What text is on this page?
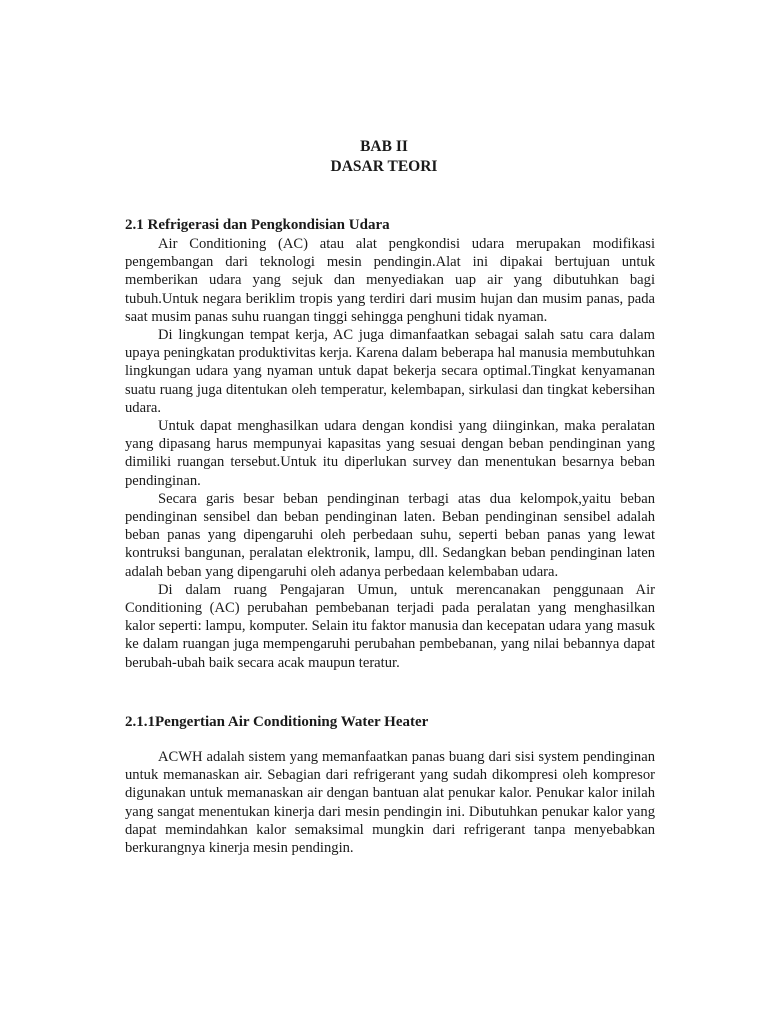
BAB II
DASAR TEORI
2.1 Refrigerasi dan Pengkondisian Udara

Air Conditioning (AC) atau alat pengkondisi udara merupakan modifikasi pengembangan dari teknologi mesin pendingin.Alat ini dipakai bertujuan untuk memberikan udara yang sejuk dan menyediakan uap air yang dibutuhkan bagi tubuh.Untuk negara beriklim tropis yang terdiri dari musim hujan dan musim panas, pada saat musim panas suhu ruangan tinggi sehingga penghuni tidak nyaman.

Di lingkungan tempat kerja, AC juga dimanfaatkan sebagai salah satu cara dalam upaya peningkatan produktivitas kerja. Karena dalam beberapa hal manusia membutuhkan lingkungan udara yang nyaman untuk dapat bekerja secara optimal.Tingkat kenyamanan suatu ruang juga ditentukan oleh temperatur, kelembapan, sirkulasi dan tingkat kebersihan udara.

Untuk dapat menghasilkan udara dengan kondisi yang diinginkan, maka peralatan yang dipasang harus mempunyai kapasitas yang sesuai dengan beban pendinginan yang dimiliki ruangan tersebut.Untuk itu diperlukan survey dan menentukan besarnya beban pendinginan.

Secara garis besar beban pendinginan terbagi atas dua kelompok,yaitu beban pendinginan sensibel dan beban pendinginan laten. Beban pendinginan sensibel adalah beban panas yang dipengaruhi oleh perbedaan suhu, seperti beban panas yang lewat kontruksi bangunan, peralatan elektronik, lampu, dll. Sedangkan beban pendinginan laten adalah beban yang dipengaruhi oleh adanya perbedaan kelembaban udara.

Di dalam ruang Pengajaran Umun, untuk merencanakan penggunaan Air Conditioning (AC) perubahan pembebanan terjadi pada peralatan yang menghasilkan kalor seperti: lampu, komputer. Selain itu faktor manusia dan kecepatan udara yang masuk ke dalam ruangan juga mempengaruhi perubahan pembebanan, yang nilai bebannya dapat berubah-ubah baik secara acak maupun teratur.

2.1.1Pengertian Air Conditioning Water Heater

ACWH adalah sistem yang memanfaatkan panas buang dari sisi system pendinginan untuk memanaskan air. Sebagian dari refrigerant yang sudah dikompresi oleh kompresor digunakan untuk memanaskan air dengan bantuan alat penukar kalor. Penukar kalor inilah yang sangat menentukan kinerja dari mesin pendingin ini. Dibutuhkan penukar kalor yang dapat memindahkan kalor semaksimal mungkin dari refrigerant tanpa menyebabkan berkurangnya kinerja mesin pendingin.
